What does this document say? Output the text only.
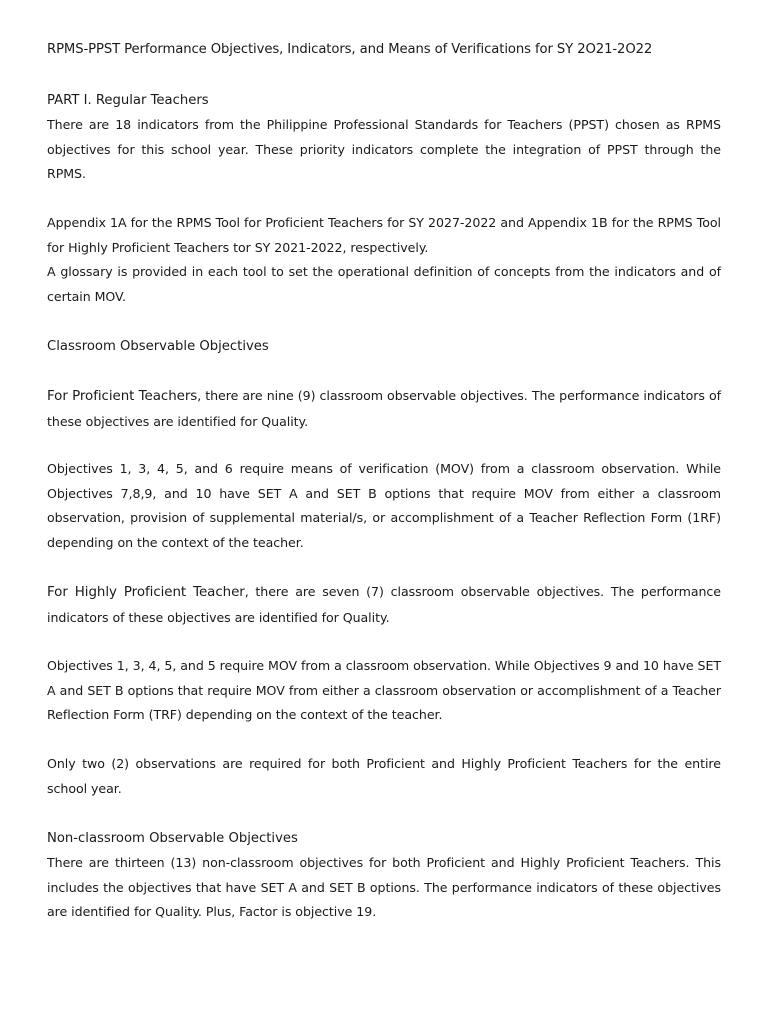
RPMS-PPST Performance Objectives, Indicators, and Means of Verifications for SY 2O21-2O22
PART I. Regular Teachers
There are 18 indicators from the Philippine Professional Standards for Teachers (PPST) chosen as RPMS objectives for this school year. These priority indicators complete the integration of PPST through the RPMS.
Appendix 1A for the RPMS Tool for Proficient Teachers for SY 2027-2022 and Appendix 1B for the RPMS Tool for Highly Proficient Teachers tor SY 2021-2022, respectively.
A glossary is provided in each tool to set the operational definition of concepts from the indicators and of certain MOV.
Classroom Observable Objectives
For Proficient Teachers, there are nine (9) classroom observable objectives. The performance indicators of these objectives are identified for Quality.
Objectives 1, 3, 4, 5, and 6 require means of verification (MOV) from a classroom observation. While Objectives 7,8,9, and 10 have SET A and SET B options that require MOV from either a classroom observation, provision of supplemental material/s, or accomplishment of a Teacher Reflection Form (1RF) depending on the context of the teacher.
For Highly Proficient Teacher, there are seven (7) classroom observable objectives. The performance indicators of these objectives are identified for Quality.
Objectives 1, 3, 4, 5, and 5 require MOV from a classroom observation. While Objectives 9 and 10 have SET A and SET B options that require MOV from either a classroom observation or accomplishment of a Teacher Reflection Form (TRF) depending on the context of the teacher.
Only two (2) observations are required for both Proficient and Highly Proficient Teachers for the entire school year.
Non-classroom Observable Objectives
There are thirteen (13) non-classroom objectives for both Proficient and Highly Proficient Teachers. This includes the objectives that have SET A and SET B options. The performance indicators of these objectives are identified for Quality. Plus, Factor is objective 19.
